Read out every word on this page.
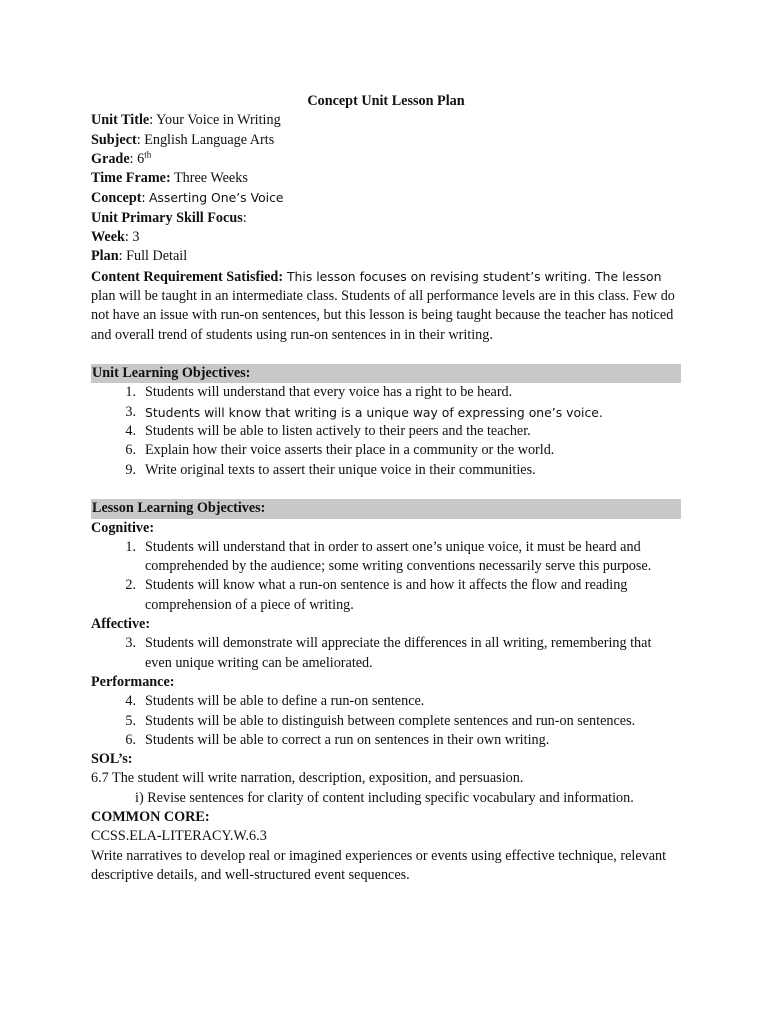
Concept Unit Lesson Plan
Unit Title: Your Voice in Writing
Subject: English Language Arts
Grade: 6th
Time Frame: Three Weeks
Concept: Asserting One’s Voice
Unit Primary Skill Focus:
Week: 3
Plan: Full Detail

Content Requirement Satisfied: This lesson focuses on revising student’s writing. The lesson plan will be taught in an intermediate class. Students of all performance levels are in this class. Few do not have an issue with run-on sentences, but this lesson is being taught because the teacher has noticed and overall trend of students using run-on sentences in in their writing.

Unit Learning Objectives:
1. Students will understand that every voice has a right to be heard.
3. Students will know that writing is a unique way of expressing one’s voice.
4. Students will be able to listen actively to their peers and the teacher.
6. Explain how their voice asserts their place in a community or the world.
9. Write original texts to assert their unique voice in their communities.
Lesson Learning Objectives:
Cognitive:
1. Students will understand that in order to assert one’s unique voice, it must be heard and comprehended by the audience; some writing conventions necessarily serve this purpose.
2. Students will know what a run-on sentence is and how it affects the flow and reading comprehension of a piece of writing.
Affective:
3. Students will demonstrate will appreciate the differences in all writing, remembering that even unique writing can be ameliorated.
Performance:
4. Students will be able to define a run-on sentence.
5. Students will be able to distinguish between complete sentences and run-on sentences.
6. Students will be able to correct a run on sentences in their own writing.
SOL’s:
6.7 The student will write narration, description, exposition, and persuasion.
i) Revise sentences for clarity of content including specific vocabulary and information.
COMMON CORE:
CCSS.ELA-LITERACY.W.6.3

Write narratives to develop real or imagined experiences or events using effective technique, relevant descriptive details, and well-structured event sequences.
